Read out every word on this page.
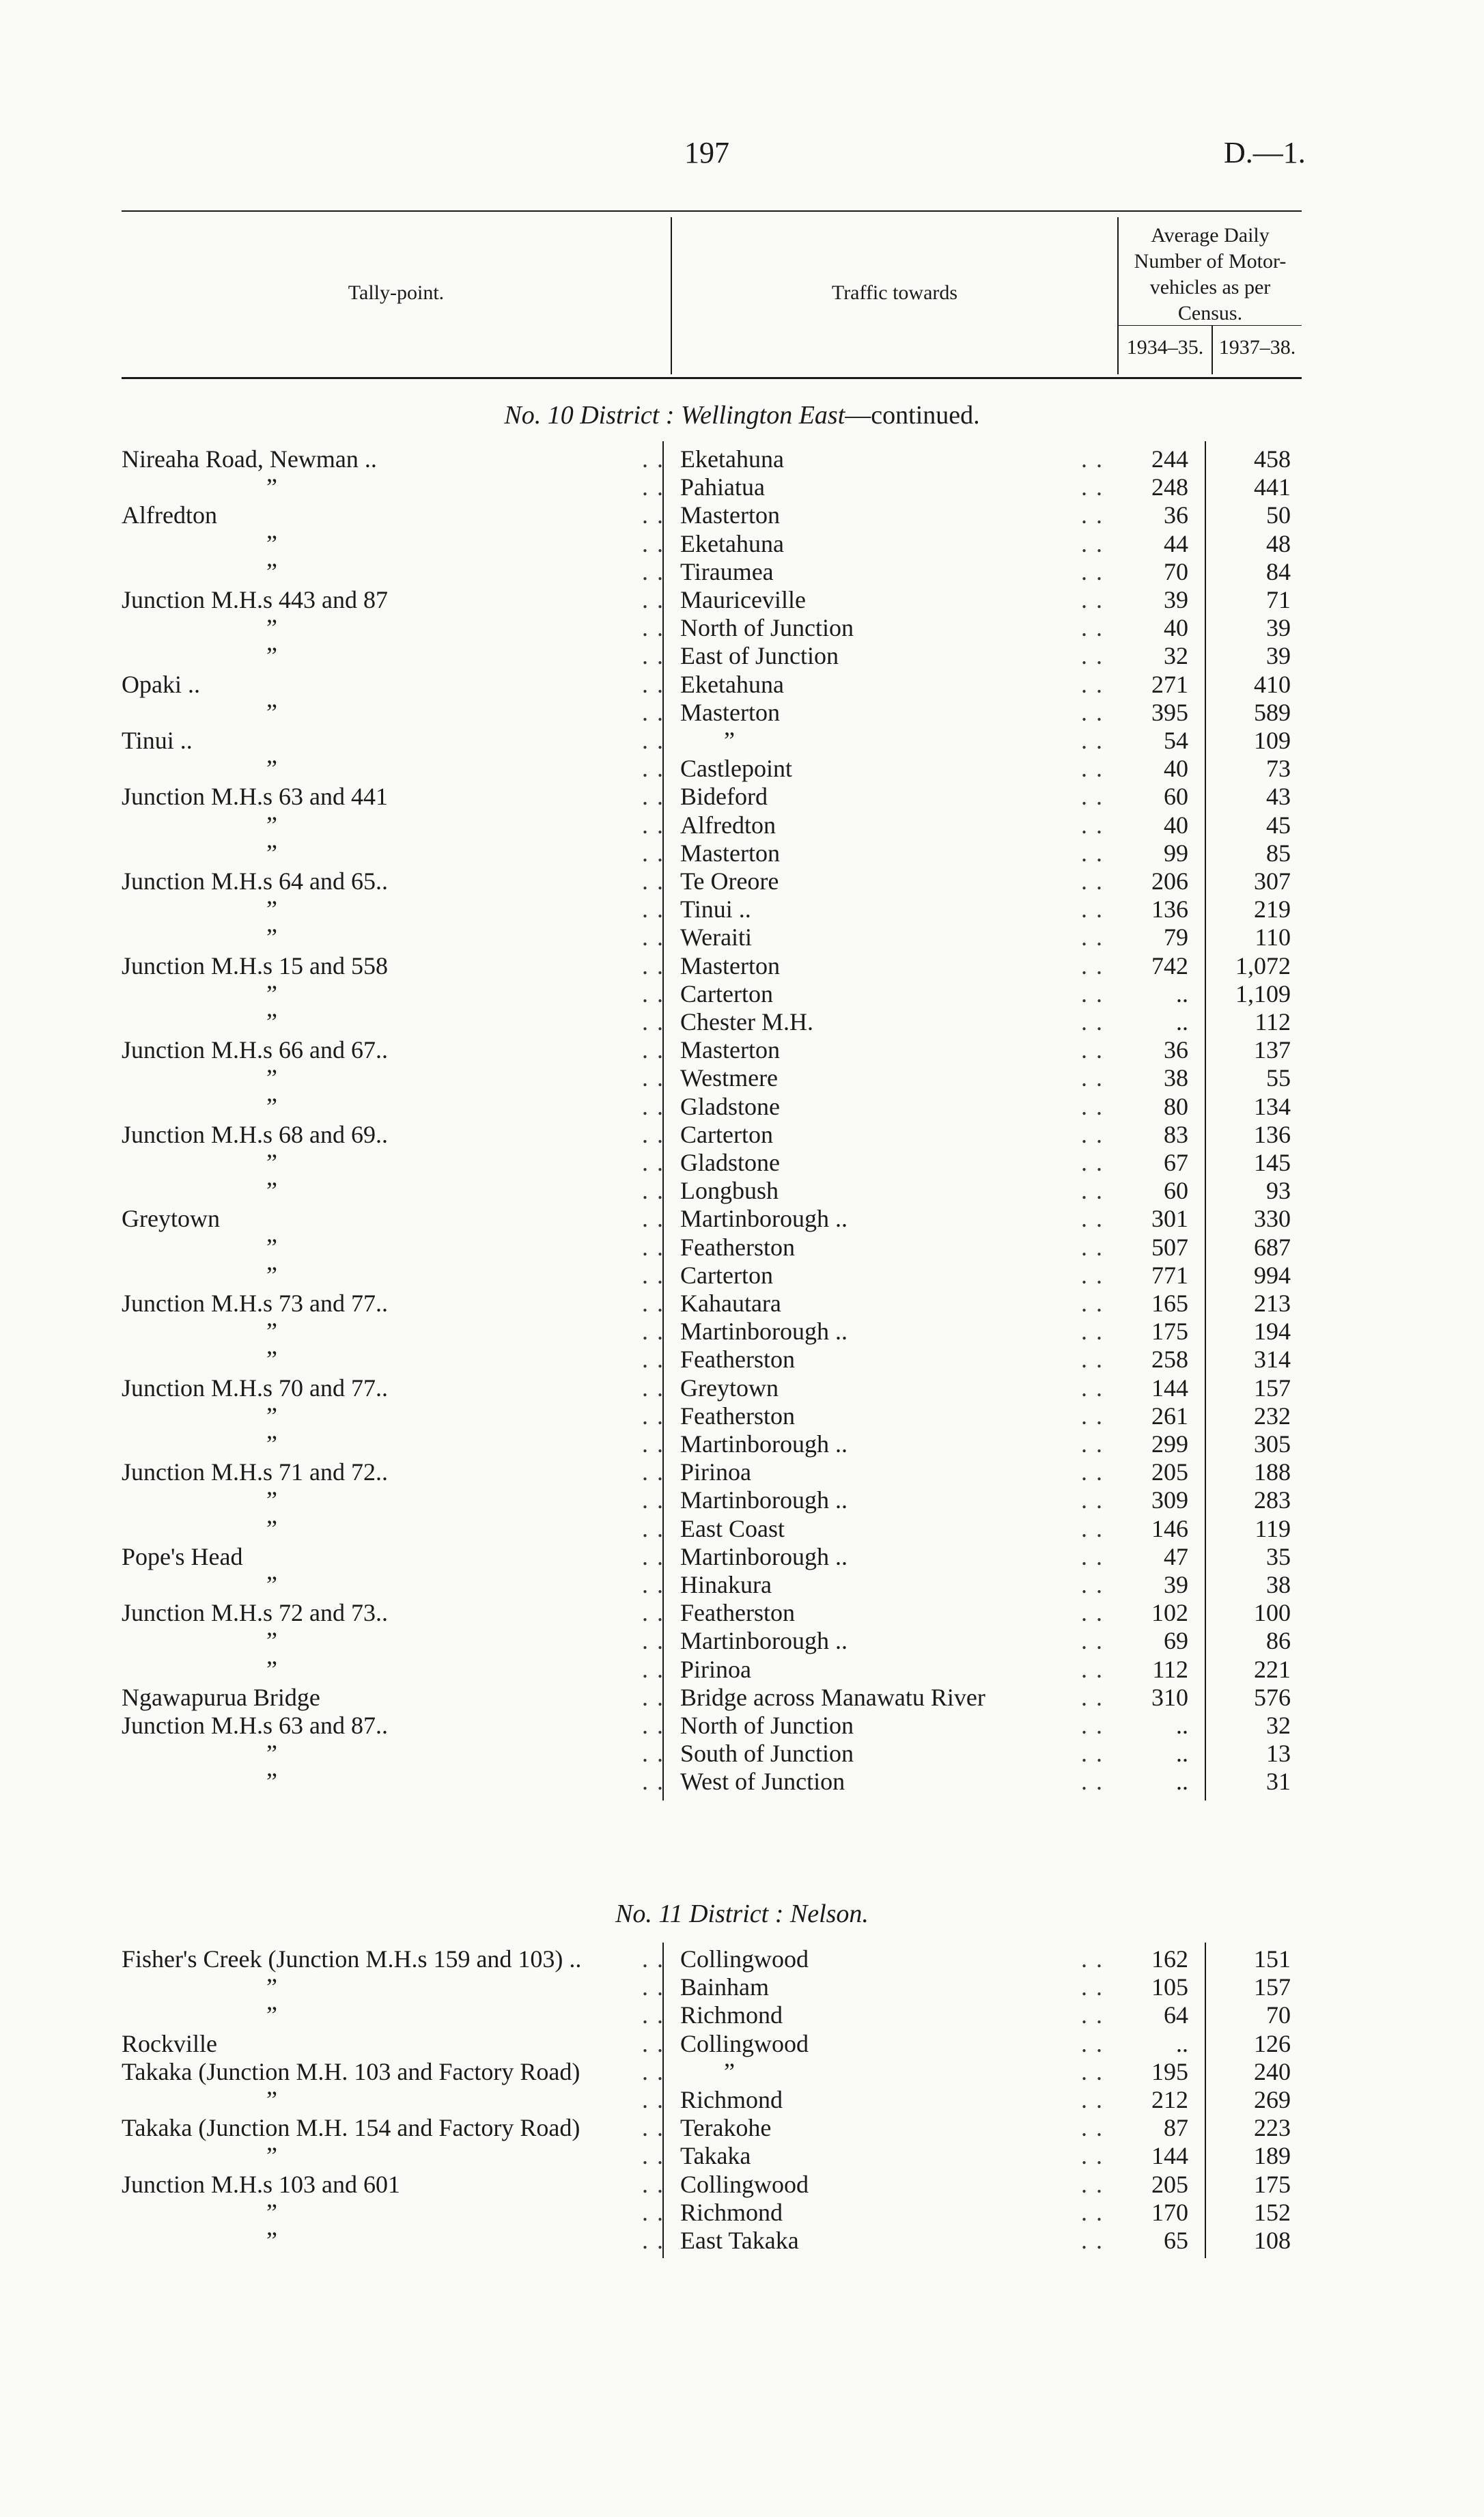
197	D.—1.
Tally-point.	Traffic towards
Average Daily
Number of Motor-
vehicles as per
Census.
1934–35. 1937–38.
No. 10 District : Wellington East—continued.
Nireaha Road, Newman ..	. . Eketahuna	. .	244	458
”	. . Pahiatua	. .	248	441
Alfredton	. . Masterton	. .	36	50
”	. . Eketahuna	. .	44	48
”	. . Tiraumea	. .	70	84
Junction M.H.s 443 and 87	. . Mauriceville	. .	39	71
”	. . North of Junction	. .	40	39
”	. . East of Junction	. .	32	39
Opaki ..	. . Eketahuna	. .	271	410
”	. . Masterton	. .	395	589
Tinui ..	. . ”	. .	54	109
”	. . Castlepoint	. .	40	73
Junction M.H.s 63 and 441	. . Bideford	. .	60	43
”	. . Alfredton	. .	40	45
”	. . Masterton	. .	99	85
Junction M.H.s 64 and 65..	. . Te Oreore	. .	206	307
”	. . Tinui ..	. .	136	219
”	. . Weraiti	. .	79	110
Junction M.H.s 15 and 558	. . Masterton	. .	742	1,072
”	. . Carterton	. .	..	1,109
”	. . Chester M.H.	. .	..	112
Junction M.H.s 66 and 67..	. . Masterton	. .	36	137
”	. . Westmere	. .	38	55
”	. . Gladstone	. .	80	134
Junction M.H.s 68 and 69..	. . Carterton	. .	83	136
”	. . Gladstone	. .	67	145
”	. . Longbush	. .	60	93
Greytown	. . Martinborough ..	. .	301	330
”	. . Featherston	. .	507	687
”	. . Carterton	. .	771	994
Junction M.H.s 73 and 77..	. . Kahautara	. .	165	213
”	. . Martinborough ..	. .	175	194
”	. . Featherston	. .	258	314
Junction M.H.s 70 and 77..	. . Greytown	. .	144	157
”	. . Featherston	. .	261	232
”	. . Martinborough ..	. .	299	305
Junction M.H.s 71 and 72..	. . Pirinoa	. .	205	188
”	. . Martinborough ..	. .	309	283
”	. . East Coast	. .	146	119
Pope's Head	. . Martinborough ..	. .	47	35
”	. . Hinakura	. .	39	38
Junction M.H.s 72 and 73..	. . Featherston	. .	102	100
”	. . Martinborough ..	. .	69	86
”	. . Pirinoa	. .	112	221
Ngawapurua Bridge	. . Bridge across Manawatu River	. .	310	576
Junction M.H.s 63 and 87..	. . North of Junction	. .	..	32
”	. . South of Junction	. .	..	13
”	. . West of Junction	. .	..	31
No. 11 District : Nelson.
Fisher's Creek (Junction M.H.s 159 and 103) .. . . Collingwood	. .	162	151
”	. . Bainham	. .	105	157
”	. . Richmond	. .	64	70
Rockville	. . Collingwood	. .	..	126
Takaka (Junction M.H. 103 and Factory Road)	. . ”	. .	195	240
”	. . Richmond	. .	212	269
Takaka (Junction M.H. 154 and Factory Road)	. . Terakohe	. .	87	223
”	. . Takaka	. .	144	189
Junction M.H.s 103 and 601	. . Collingwood	. .	205	175
”	. . Richmond	. .	170	152
”	. . East Takaka	. .	65	108
